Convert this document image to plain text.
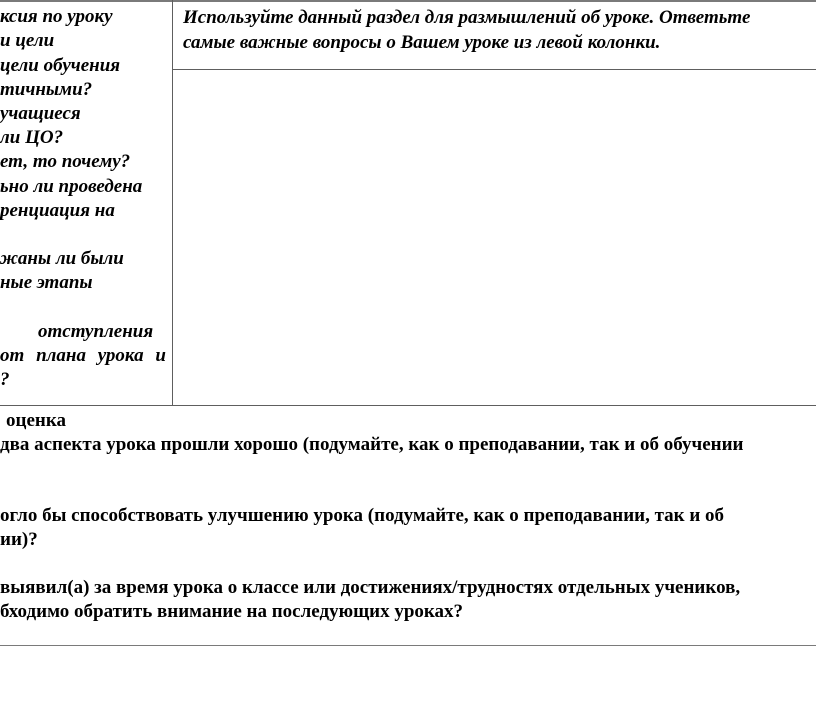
ксия по уроку
и цели
цели обучения
тичными?
учащиеся
ли ЦО?
ет, то почему?
ьно ли проведена
ренциация на
жаны ли были
ные этапы
отступления
от плана урока и
?
Используйте данный раздел для размышлений об уроке. Ответьте
самые важные вопросы о Вашем уроке из левой колонки.
оценка
два аспекта урока прошли хорошо (подумайте, как о преподавании, так и об обучении
огло бы способствовать улучшению урока (подумайте, как о преподавании, так и об
ии)?
выявил(а) за время урока о классе или достижениях/трудностях отдельных учеников,
бходимо обратить внимание на последующих уроках?
